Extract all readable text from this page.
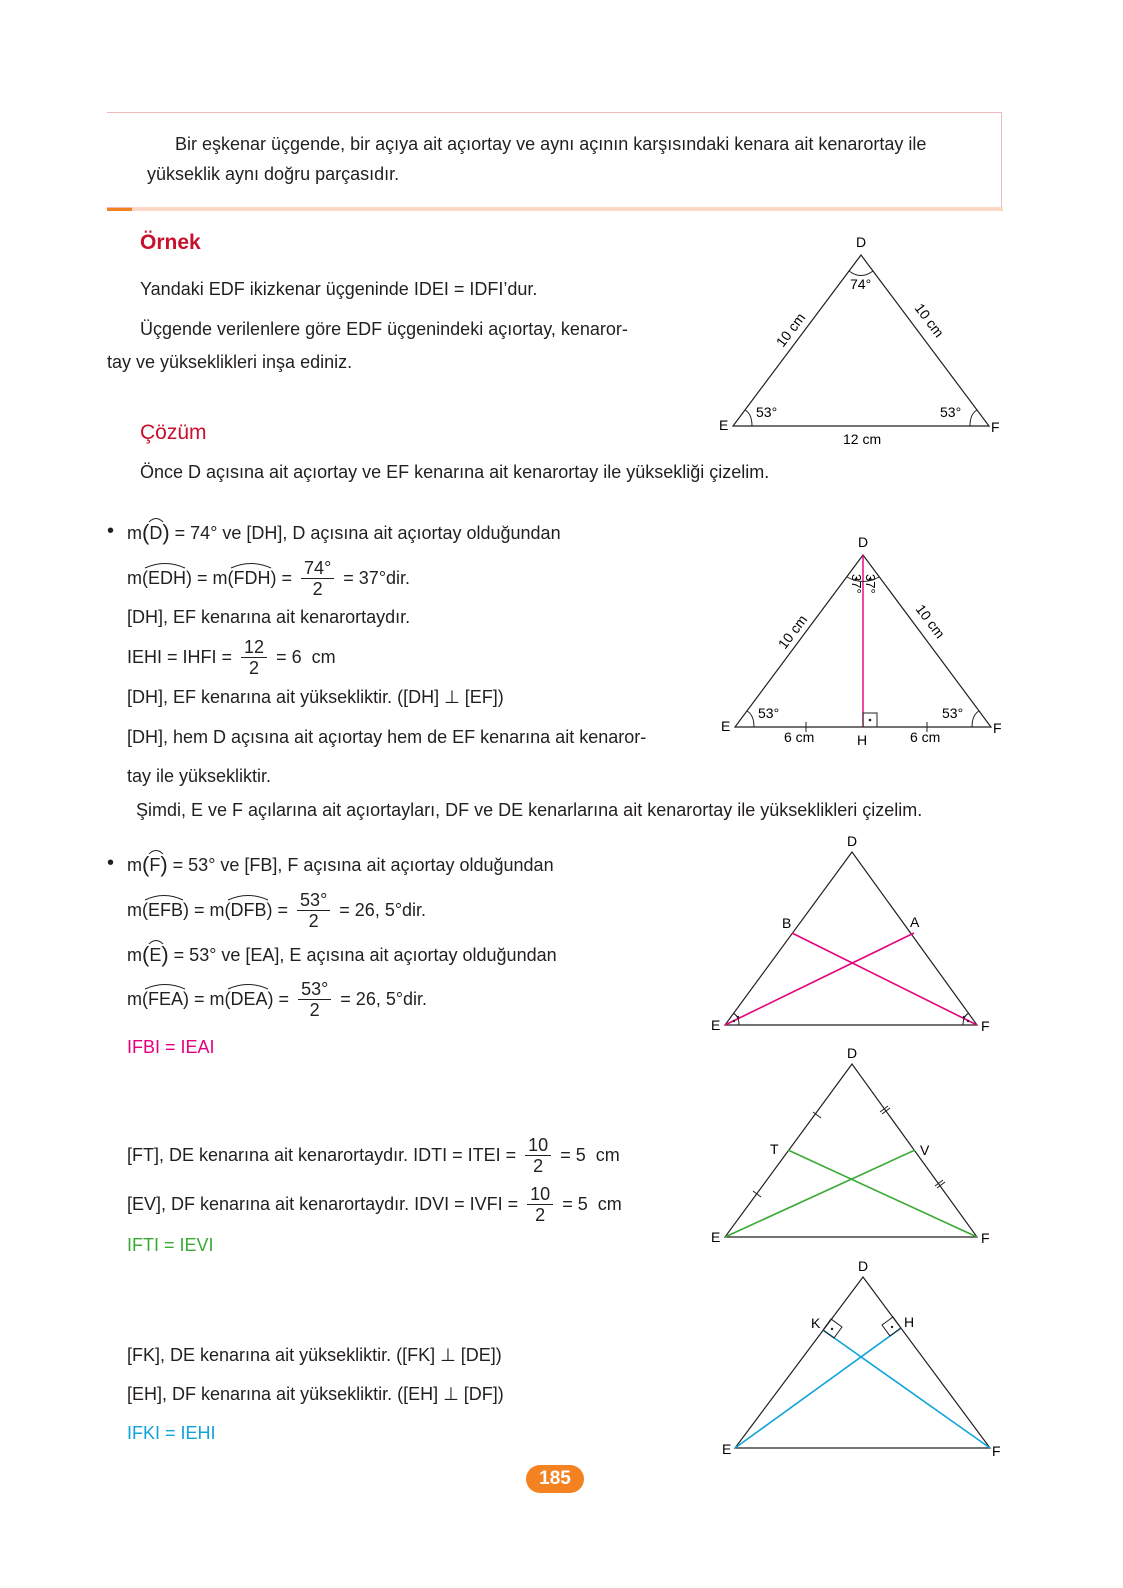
Bir eşkenar üçgende, bir açıya ait açıortay ve aynı açının karşısındaki kenara ait kenarortay ile
yükseklik aynı doğru parçasıdır.
Örnek
Yandaki EDF ikizkenar üçgeninde IDEI = IDFI’dur.
Üçgende verilenlere göre EDF üçgenindeki açıortay, kenaror-
tay ve yükseklikleri inşa ediniz.
D
E	F
74°
53°	53°
12 cm
10 cm	10 cm
Çözüm
Önce D açısına ait açıortay ve EF kenarına ait kenarortay ile yüksekliği çizelim.
• m ( D ) = 74° ve [DH], D açısına ait açıortay olduğundan
m (
EDH) = m (
$FDH) = \frac{74^\circ}{2} = 37^\circ dir$.
[DH], EF kenarına ait kenarortaydır.
IEHI = IHFI = $\frac{12}{2} = 6$  cm
[DH], EF kenarına ait yüksekliktir. ([DH] ⊥ [EF])
[DH], hem D açısına ait açıortay hem de EF kenarına ait kenaror-
tay ile yüksekliktir.
Şimdi, E ve F açılarına ait açıortayları, DF ve DE kenarlarına ait kenarortay ile yükseklikleri çizelim.
D
E	F
H
37° 37°
53°	53°
6 cm	6 cm
10 cm	10 cm
• m ( F ) = 53° ve [FB], F açısına ait açıortay olduğundan
m (
EFB) = m (
$DFB) = \frac{53^\circ}{2} = 26$, 5°dir.
m ( E ) = 53° ve [EA], E açısına ait açıortay olduğundan
m (
FEA) = m (
$DEA) = \frac{53^\circ}{2} = 26$, 5°dir.
IFBI = IEAI
D
E	F
A
B
[FT], DE kenarına ait kenarortaydır. IDTI = ITEI = $\frac{10}{2} = 5$  cm
[EV], DF kenarına ait kenarortaydır. IDVI = IVFI = $\frac{10}{2} = 5$  cm
IFTI = IEVI
D
E	F
T	V
[FK], DE kenarına ait yüksekliktir. ([FK] ⊥ [DE])
[EH], DF kenarına ait yüksekliktir. ([EH] ⊥ [DF])
IFKI = IEHI
D
E	F
K	H
185
